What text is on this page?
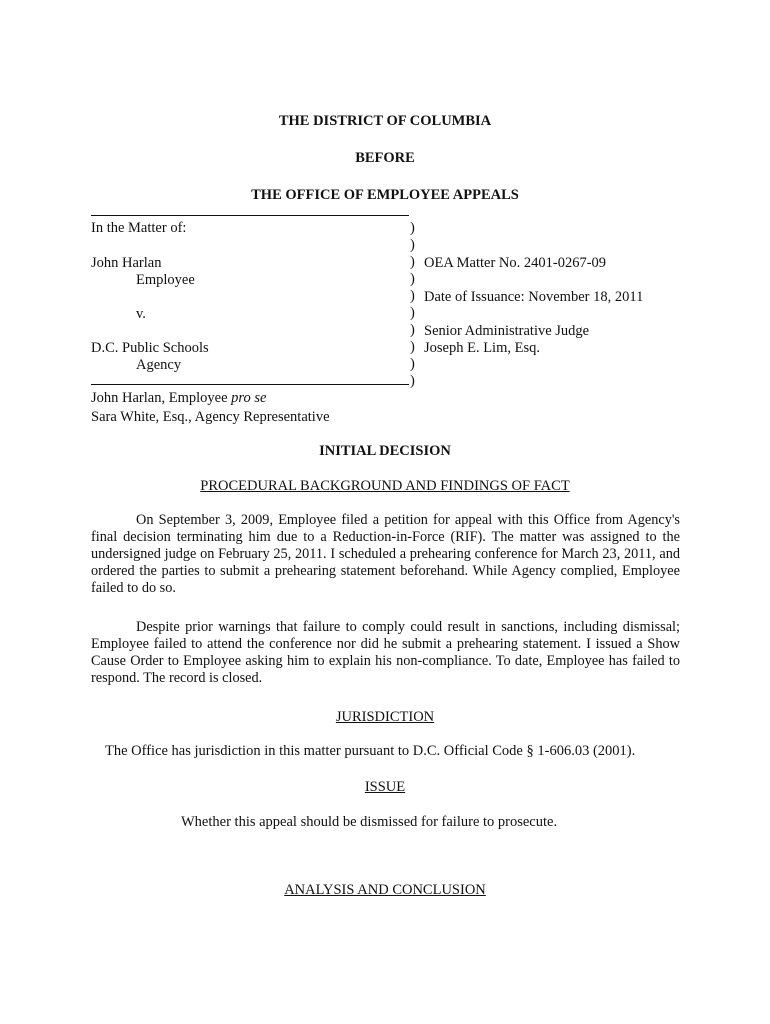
THE DISTRICT OF COLUMBIA
BEFORE
THE OFFICE OF EMPLOYEE APPEALS
In the Matter of:
John Harlan
Employee
v.
D.C. Public Schools
Agency
)
)
)
)
)
)
)
)
)
)
OEA Matter No. 2401-0267-09
Date of Issuance: November 18, 2011
Senior Administrative Judge
Joseph E. Lim, Esq.
John Harlan, Employee pro se
Sara White, Esq., Agency Representative
INITIAL DECISION
PROCEDURAL BACKGROUND AND FINDINGS OF FACT
On September 3, 2009, Employee filed a petition for appeal with this Office from Agency's final decision terminating him due to a Reduction-in-Force (RIF). The matter was assigned to the undersigned judge on February 25, 2011. I scheduled a prehearing conference for March 23, 2011, and ordered the parties to submit a prehearing statement beforehand. While Agency complied, Employee failed to do so.
Despite prior warnings that failure to comply could result in sanctions, including dismissal; Employee failed to attend the conference nor did he submit a prehearing statement. I issued a Show Cause Order to Employee asking him to explain his non-compliance. To date, Employee has failed to respond. The record is closed.
JURISDICTION
The Office has jurisdiction in this matter pursuant to D.C. Official Code § 1-606.03 (2001).
ISSUE
Whether this appeal should be dismissed for failure to prosecute.
ANALYSIS AND CONCLUSION
